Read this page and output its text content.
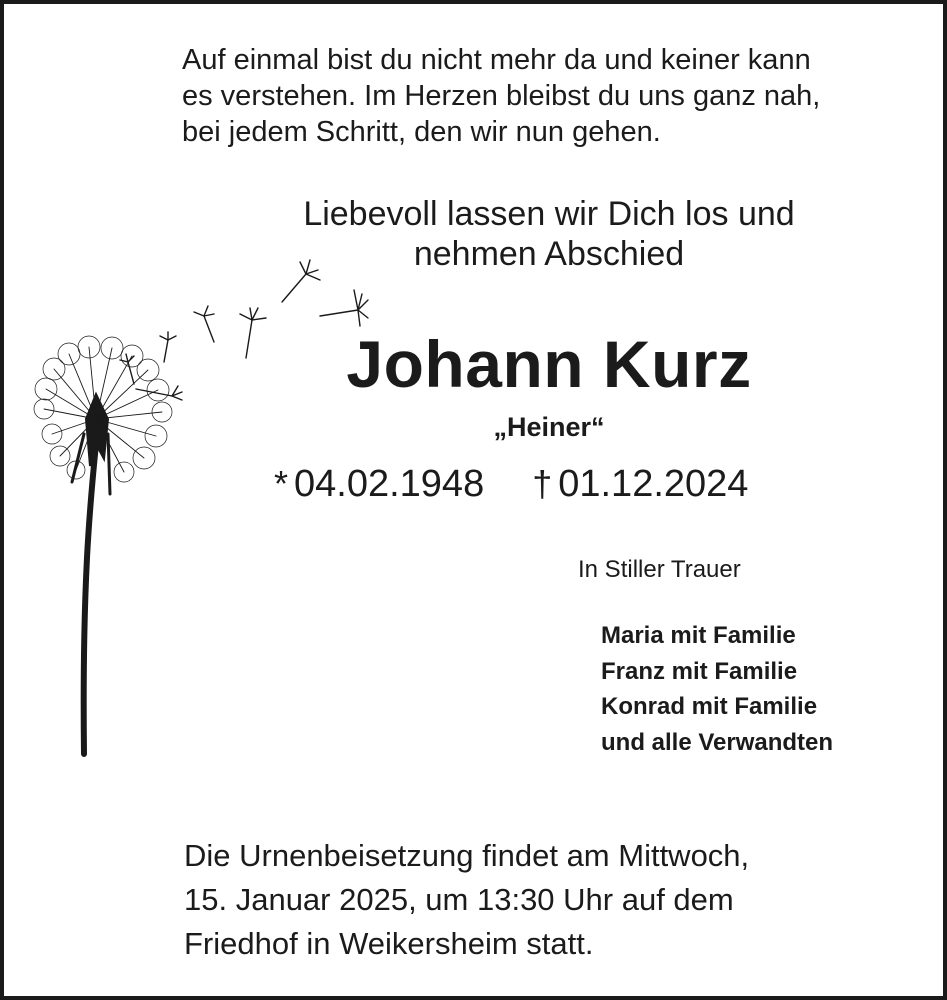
Auf einmal bist du nicht mehr da und keiner kann
es verstehen. Im Herzen bleibst du uns ganz nah,
bei jedem Schritt, den wir nun gehen.
Liebevoll lassen wir Dich los und
nehmen Abschied
Johann Kurz
„Heiner“
* 04.02.1948 † 01.12.2024
In Stiller Trauer
Maria mit Familie
Franz mit Familie
Konrad mit Familie
und alle Verwandten
Die Urnenbeisetzung findet am Mittwoch,
15. Januar 2025, um 13:30 Uhr auf dem
Friedhof in Weikersheim statt.
